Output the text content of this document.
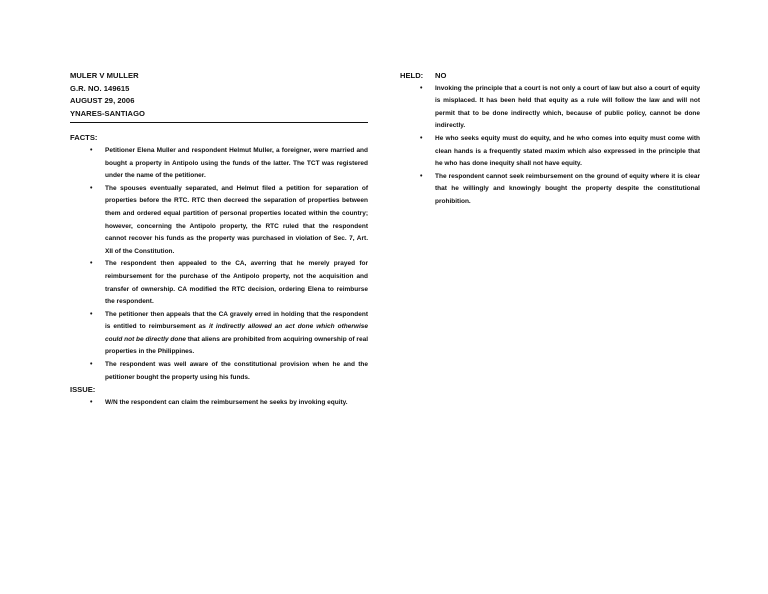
MULER V MULLER
G.R. NO. 149615
AUGUST 29, 2006
YNARES-SANTIAGO
FACTS:
• Petitioner Elena Muller and respondent Helmut Muller, a foreigner, were married and bought a property in Antipolo using the funds of the latter. The TCT was registered under the name of the petitioner.
• The spouses eventually separated, and Helmut filed a petition for separation of properties before the RTC. RTC then decreed the separation of properties between them and ordered equal partition of personal properties located within the country; however, concerning the Antipolo property, the RTC ruled that the respondent cannot recover his funds as the property was purchased in violation of Sec. 7, Art. XII of the Constitution.
• The respondent then appealed to the CA, averring that he merely prayed for reimbursement for the purchase of the Antipolo property, not the acquisition and transfer of ownership. CA modified the RTC decision, ordering Elena to reimburse the respondent.
• The petitioner then appeals that the CA gravely erred in holding that the respondent is entitled to reimbursement as it indirectly allowed an act done which otherwise could not be directly done that aliens are prohibited from acquiring ownership of real properties in the Philippines.
• The respondent was well aware of the constitutional provision when he and the petitioner bought the property using his funds.
ISSUE:
• W/N the respondent can claim the reimbursement he seeks by invoking equity.
HELD: NO
• Invoking the principle that a court is not only a court of law but also a court of equity is misplaced. It has been held that equity as a rule will follow the law and will not permit that to be done indirectly which, because of public policy, cannot be done indirectly.
• He who seeks equity must do equity, and he who comes into equity must come with clean hands is a frequently stated maxim which also expressed in the principle that he who has done inequity shall not have equity.
• The respondent cannot seek reimbursement on the ground of equity where it is clear that he willingly and knowingly bought the property despite the constitutional prohibition.
